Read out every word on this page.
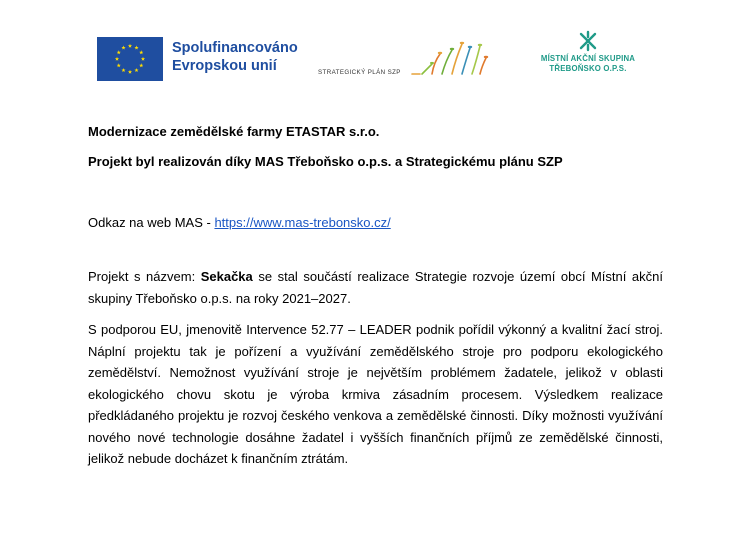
Spolufinancováno
Evropskou unií	STRATEGICKÝ PLÁN SZP
MÍSTNÍ AKČNÍ SKUPINA
TŘEBOŇSKO O.P.S.

Modernizace zemědělské farmy ETASTAR s.r.o.

Projekt byl realizován díky MAS Třeboňsko o.p.s. a Strategickému plánu SZP

Odkaz na web MAS - https://www.mas-trebonsko.cz/

Projekt s názvem: Sekačka se stal součástí realizace Strategie rozvoje území obcí Místní akční skupiny Třeboňsko o.p.s. na roky 2021–2027.

S podporou EU, jmenovitě Intervence 52.77 – LEADER podnik pořídil výkonný a kvalitní žací stroj. Náplní projektu tak je pořízení a využívání zemědělského stroje pro podporu ekologického zemědělství. Nemožnost využívání stroje je největším problémem žadatele, jelikož v oblasti ekologického chovu skotu je výroba krmiva zásadním procesem. Výsledkem realizace předkládaného projektu je rozvoj českého venkova a zemědělské činnosti. Díky možnosti využívání nového nové technologie dosáhne žadatel i vyšších finančních příjmů ze zemědělské činnosti, jelikož nebude docházet k finančním ztrátám.
